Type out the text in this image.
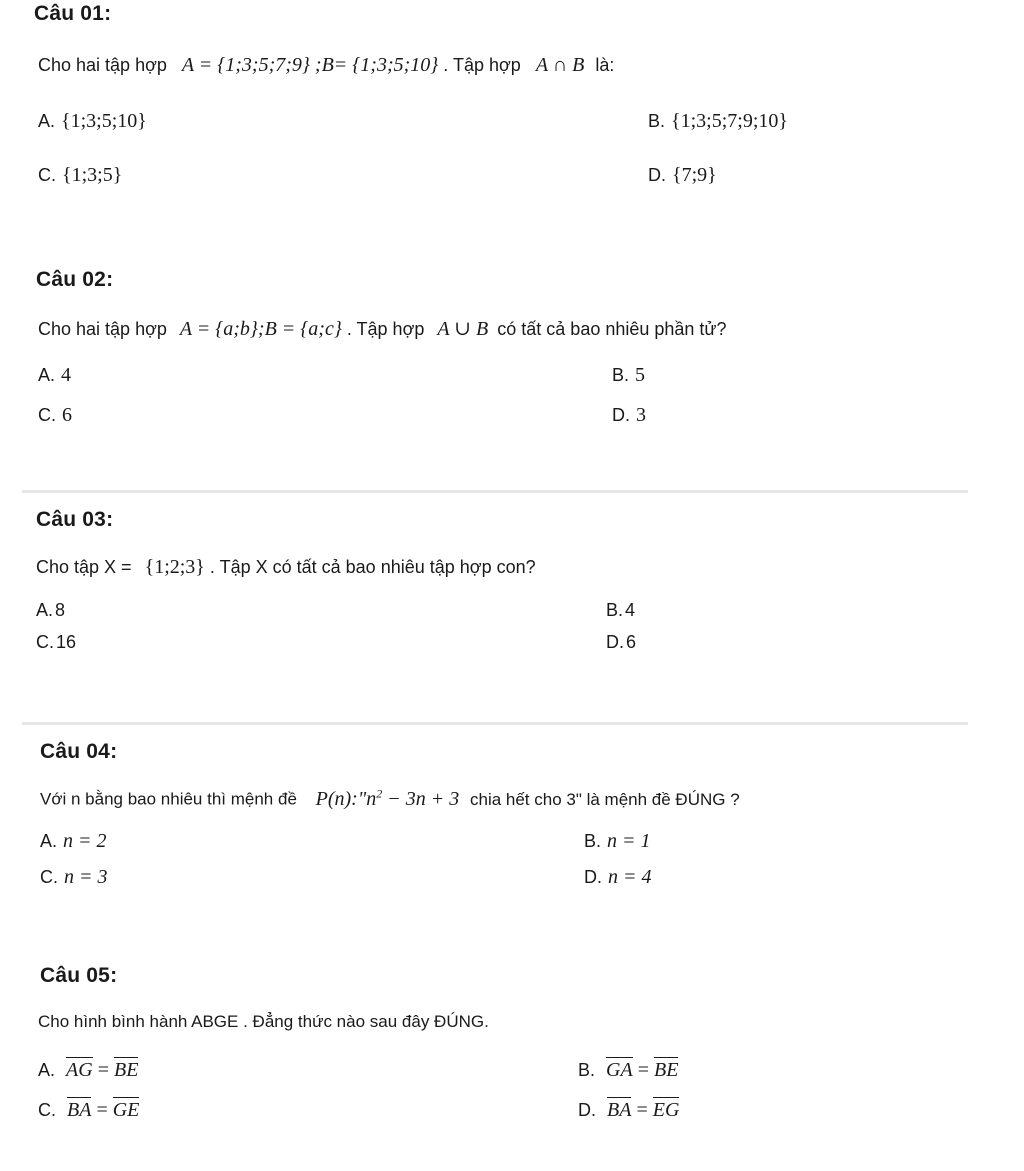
Câu 01:
Cho hai tập hợp A = {1;3;5;7;9} ;B= {1;3;5;10} . Tập hợp A ∩ B là:
A. {1;3;5;10}	B. {1;3;5;7;9;10}
C. {1;3;5}	D. {7;9}
Câu 02:
Cho hai tập hợp A = {a;b};B = {a;c} . Tập hợp A ∪ B có tất cả bao nhiêu phần tử?
A. 4	B. 5
C. 6	D. 3
Câu 03:
Cho tập X = {1;2;3} . Tập X có tất cả bao nhiêu tập hợp con?
A. 8	B. 4
C. 16	D. 6
Câu 04:
Với n bằng bao nhiêu thì mệnh đề $P(n):"n^2 - 3n + 3$ chia hết cho 3" là mệnh đề ĐÚNG ?
A. n = 2	B. n = 1
C. n = 3	D. n = 4
Câu 05:
Cho hình bình hành ABGE . Đẳng thức nào sau đây ĐÚNG.
A. AG = BE	B. GA = BE
C. BA = GE	D. BA = EG
